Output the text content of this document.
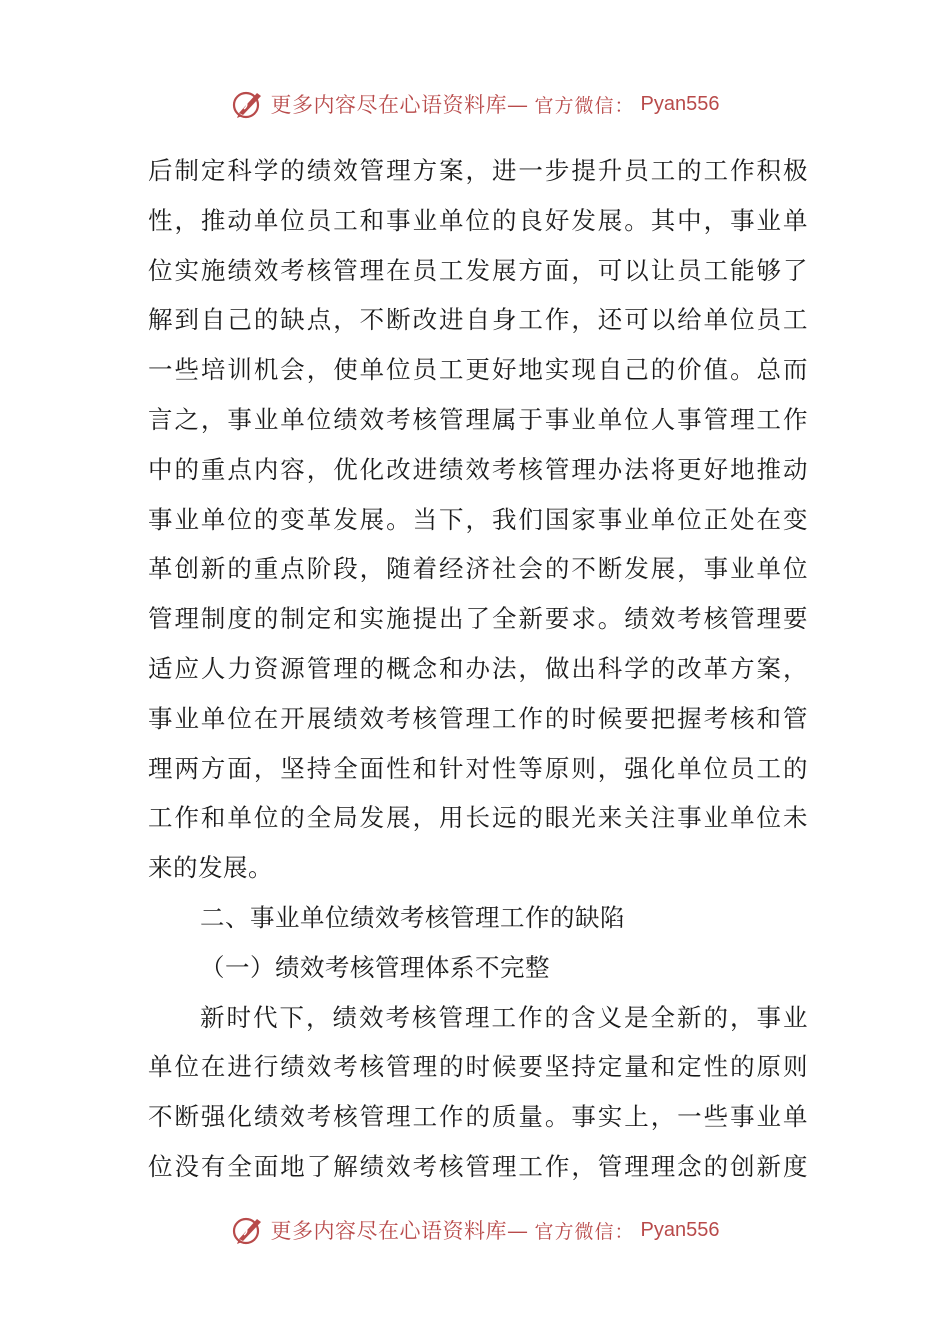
更多内容尽在心语资料库— 官方微信： Pyan556
后制定科学的绩效管理方案，进一步提升员工的工作积极
性，推动单位员工和事业单位的良好发展。其中，事业单
位实施绩效考核管理在员工发展方面，可以让员工能够了
解到自己的缺点，不断改进自身工作，还可以给单位员工
一些培训机会，使单位员工更好地实现自己的价值。总而
言之，事业单位绩效考核管理属于事业单位人事管理工作
中的重点内容，优化改进绩效考核管理办法将更好地推动
事业单位的变革发展。当下，我们国家事业单位正处在变
革创新的重点阶段，随着经济社会的不断发展，事业单位
管理制度的制定和实施提出了全新要求。绩效考核管理要
适应人力资源管理的概念和办法，做出科学的改革方案，
事业单位在开展绩效考核管理工作的时候要把握考核和管
理两方面，坚持全面性和针对性等原则，强化单位员工的
工作和单位的全局发展，用长远的眼光来关注事业单位未
来的发展。
二、事业单位绩效考核管理工作的缺陷
（一）绩效考核管理体系不完整
新时代下，绩效考核管理工作的含义是全新的，事业
单位在进行绩效考核管理的时候要坚持定量和定性的原则
不断强化绩效考核管理工作的质量。事实上，一些事业单
位没有全面地了解绩效考核管理工作，管理理念的创新度
更多内容尽在心语资料库— 官方微信： Pyan556
